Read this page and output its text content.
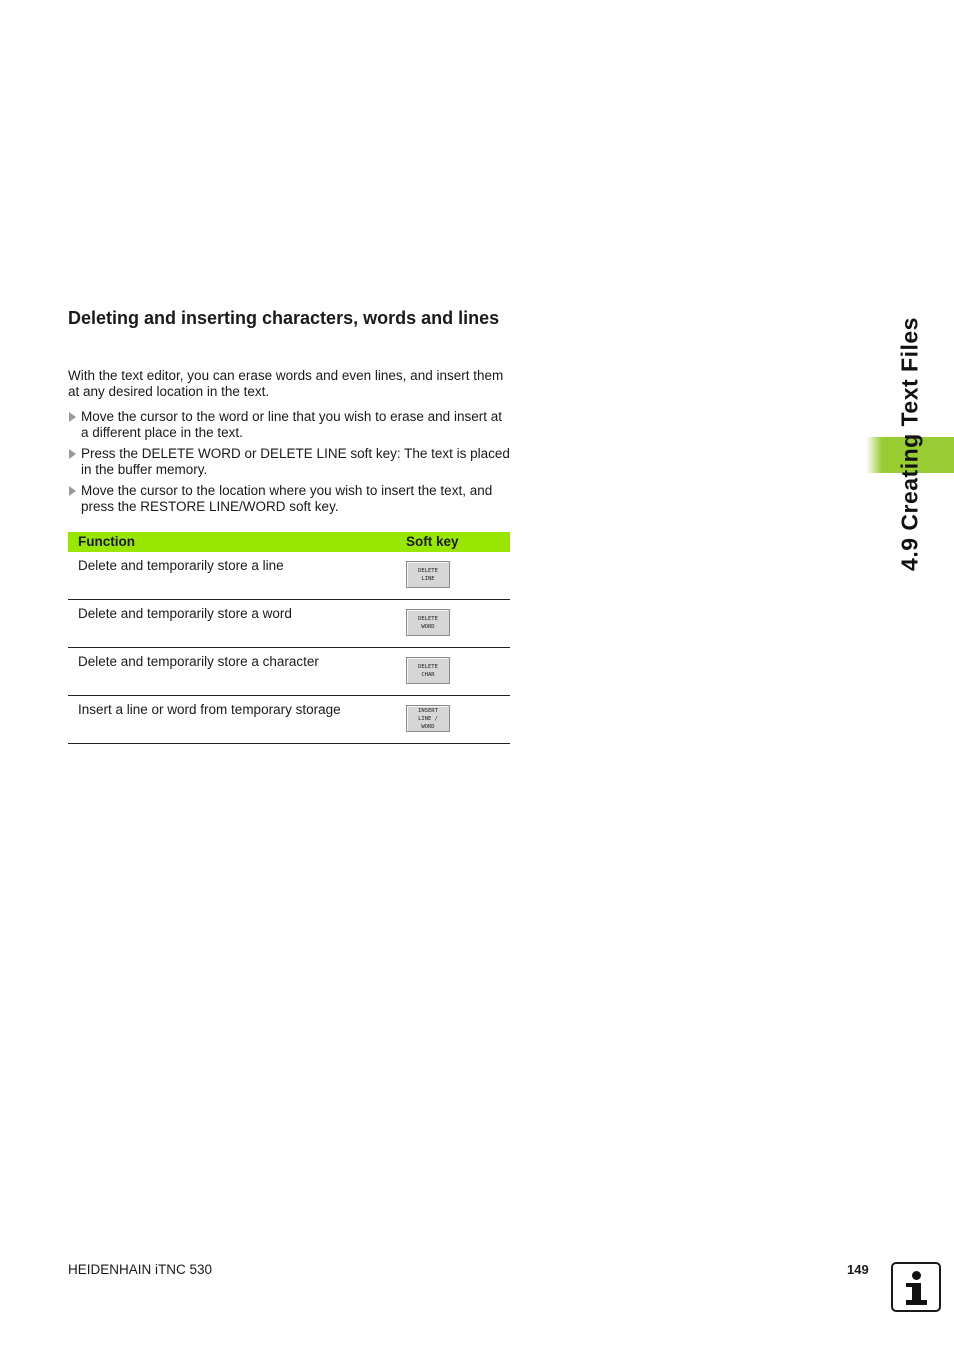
Deleting and inserting characters, words and lines

With the text editor, you can erase words and even lines, and insert them at any desired location in the text.

Move the cursor to the word or line that you wish to erase and insert at a different place in the text.
Press the DELETE WORD or DELETE LINE soft key: The text is placed in the buffer memory.
Move the cursor to the location where you wish to insert the text, and press the RESTORE LINE/WORD soft key.
Function	Soft key
Delete and temporarily store a line	DELETE
LINE
Delete and temporarily store a word	DELETE
WORD
Delete and temporarily store a character	DELETE
CHAR
Insert a line or word from temporary storage	INSERT
LINE /
WORD
4.9 Creating Text Files
HEIDENHAIN iTNC 530	149
